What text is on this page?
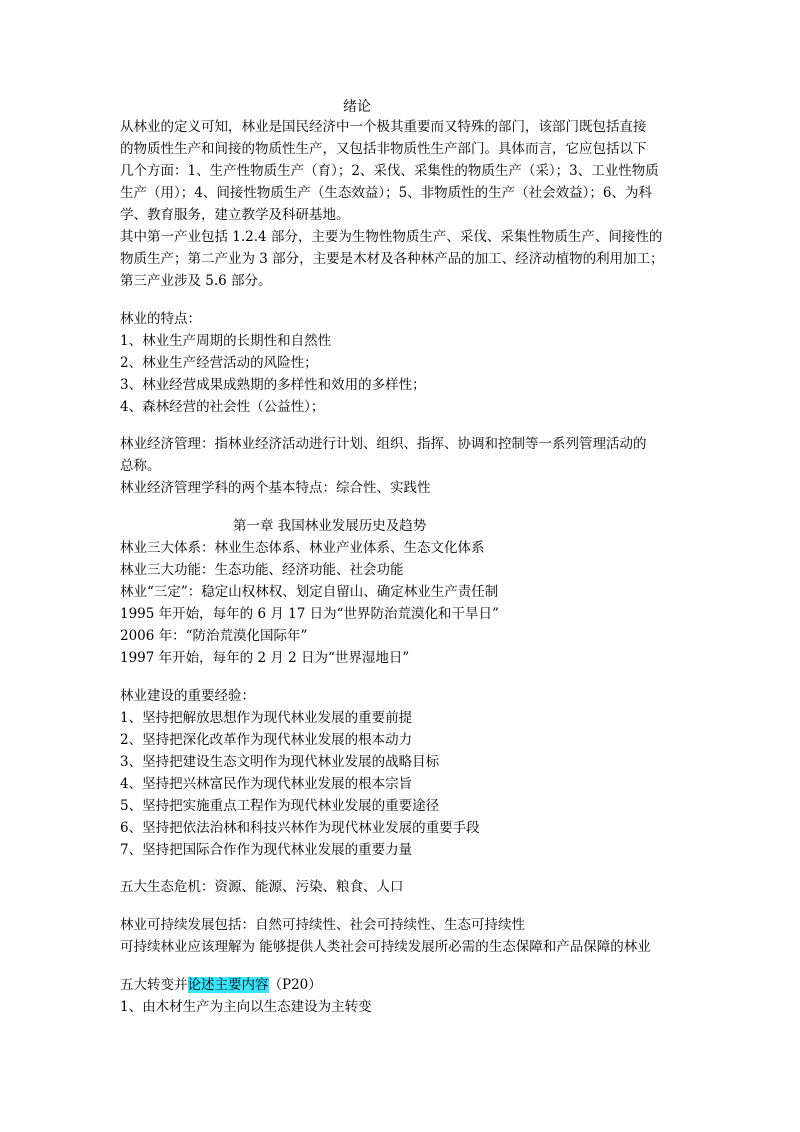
绪论
从林业的定义可知，林业是国民经济中一个极其重要而又特殊的部门，该部门既包括直接
的物质性生产和间接的物质性生产，又包括非物质性生产部门。具体而言，它应包括以下
几个方面：1、生产性物质生产（育）；2、采伐、采集性的物质生产（采）；3、工业性物质
生产（用）；4、间接性物质生产（生态效益）；5、非物质性的生产（社会效益）；6、为科
学、教育服务，建立教学及科研基地。
其中第一产业包括 1.2.4 部分，主要为生物性物质生产、采伐、采集性物质生产、间接性的
物质生产；第二产业为 3 部分，主要是木材及各种林产品的加工、经济动植物的利用加工；
第三产业涉及 5.6 部分。
林业的特点：
1、林业生产周期的长期性和自然性
2、林业生产经营活动的风险性；
3、林业经营成果成熟期的多样性和效用的多样性；
4、森林经营的社会性（公益性）；
林业经济管理：指林业经济活动进行计划、组织、指挥、协调和控制等一系列管理活动的
总称。
林业经济管理学科的两个基本特点：综合性、实践性
第一章 我国林业发展历史及趋势
林业三大体系：林业生态体系、林业产业体系、生态文化体系
林业三大功能：生态功能、经济功能、社会功能
林业“三定”：稳定山权林权、划定自留山、确定林业生产责任制
1995 年开始，每年的 6 月 17 日为“世界防治荒漠化和干旱日”
2006 年：“防治荒漠化国际年”
1997 年开始，每年的 2 月 2 日为“世界湿地日”
林业建设的重要经验：
1、坚持把解放思想作为现代林业发展的重要前提
2、坚持把深化改革作为现代林业发展的根本动力
3、坚持把建设生态文明作为现代林业发展的战略目标
4、坚持把兴林富民作为现代林业发展的根本宗旨
5、坚持把实施重点工程作为现代林业发展的重要途径
6、坚持把依法治林和科技兴林作为现代林业发展的重要手段
7、坚持把国际合作作为现代林业发展的重要力量
五大生态危机：资源、能源、污染、粮食、人口
林业可持续发展包括：自然可持续性、社会可持续性、生态可持续性
可持续林业应该理解为 能够提供人类社会可持续发展所必需的生态保障和产品保障的林业
五大转变并论述主要内容（P20）
1、由木材生产为主向以生态建设为主转变
